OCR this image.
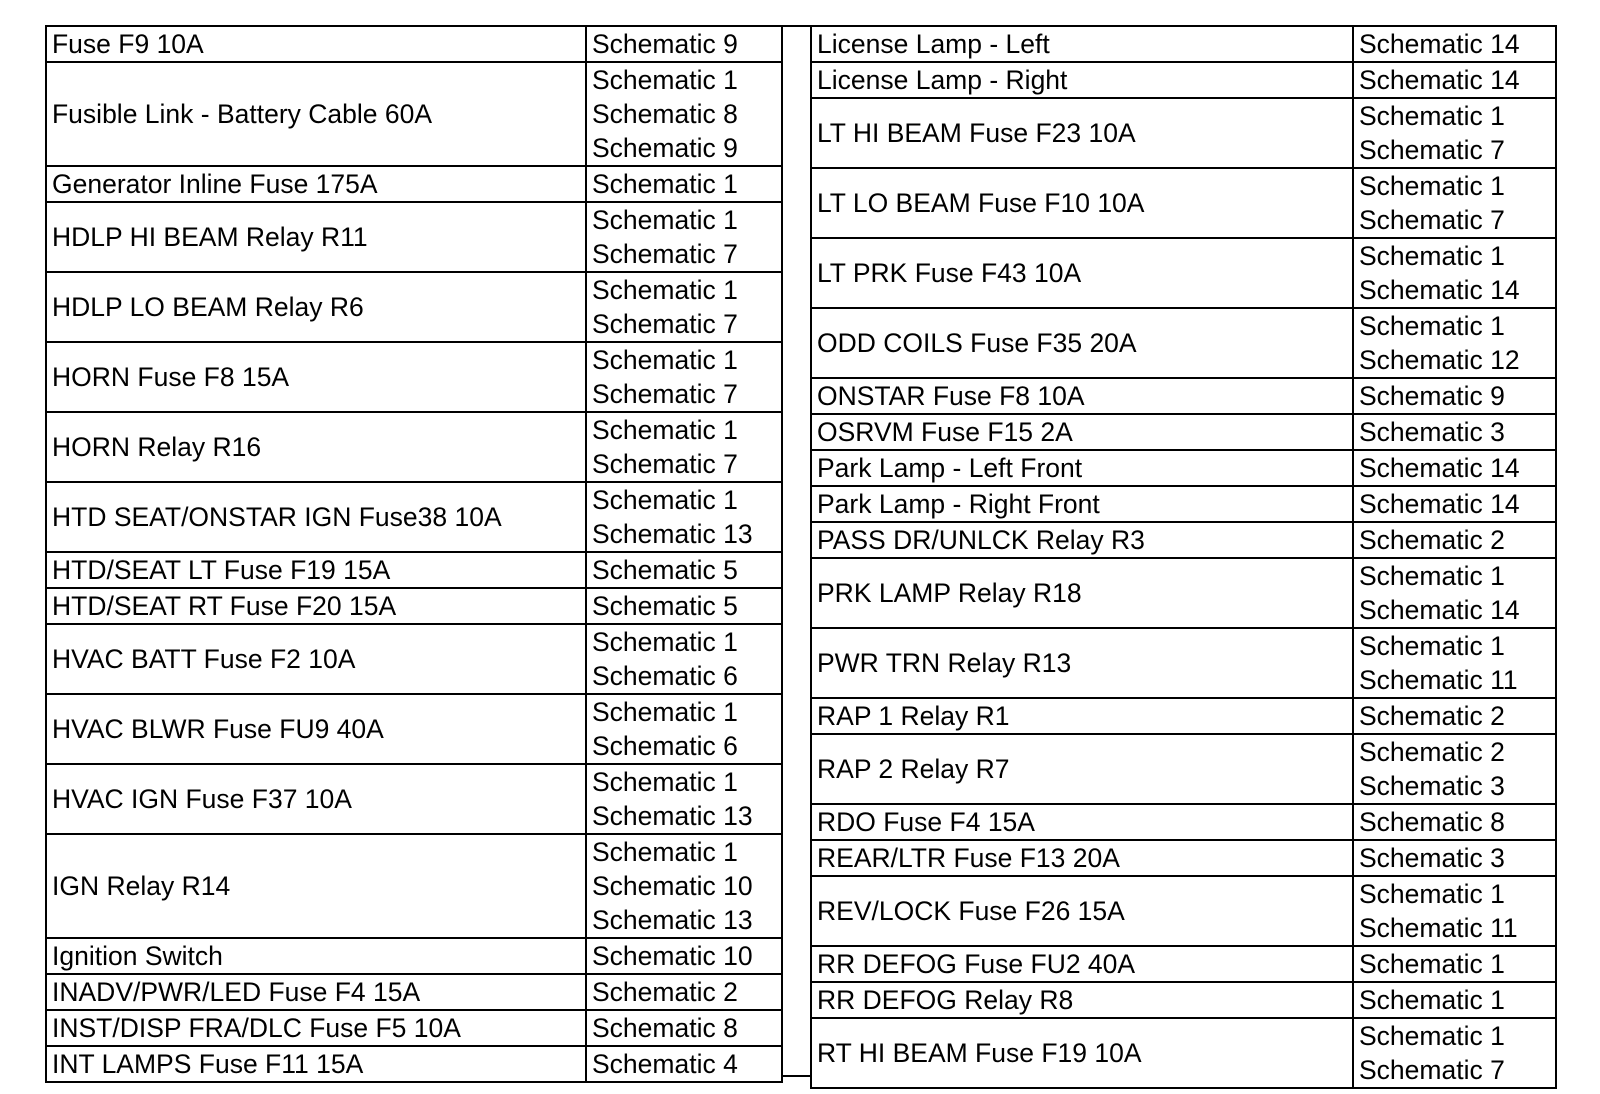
Fuse F9 10A	Schematic 9

Fusible Link - Battery Cable 60A	Schematic 1
Schematic 8
Schematic 9

Generator Inline Fuse 175A	Schematic 1

HDLP HI BEAM Relay R11	Schematic 1
Schematic 7

HDLP LO BEAM Relay R6	Schematic 1
Schematic 7

HORN Fuse F8 15A	Schematic 1
Schematic 7

HORN Relay R16	Schematic 1
Schematic 7

HTD SEAT/ONSTAR IGN Fuse38 10A	Schematic 1
Schematic 13

HTD/SEAT LT Fuse F19 15A	Schematic 5

HTD/SEAT RT Fuse F20 15A	Schematic 5

HVAC BATT Fuse F2 10A	Schematic 1
Schematic 6

HVAC BLWR Fuse FU9 40A	Schematic 1
Schematic 6

HVAC IGN Fuse F37 10A	Schematic 1
Schematic 13

IGN Relay R14	Schematic 1
Schematic 10
Schematic 13

Ignition Switch	Schematic 10

INADV/PWR/LED Fuse F4 15A	Schematic 2

INST/DISP FRA/DLC Fuse F5 10A	Schematic 8

INT LAMPS Fuse F11 15A	Schematic 4
License Lamp - Left	Schematic 14

License Lamp - Right	Schematic 14

LT HI BEAM Fuse F23 10A	Schematic 1
Schematic 7

LT LO BEAM Fuse F10 10A	Schematic 1
Schematic 7

LT PRK Fuse F43 10A	Schematic 1
Schematic 14

ODD COILS Fuse F35 20A	Schematic 1
Schematic 12

ONSTAR Fuse F8 10A	Schematic 9

OSRVM Fuse F15 2A	Schematic 3

Park Lamp - Left Front	Schematic 14

Park Lamp - Right Front	Schematic 14

PASS DR/UNLCK Relay R3	Schematic 2

PRK LAMP Relay R18	Schematic 1
Schematic 14

PWR TRN Relay R13	Schematic 1
Schematic 11

RAP 1 Relay R1	Schematic 2

RAP 2 Relay R7	Schematic 2
Schematic 3

RDO Fuse F4 15A	Schematic 8

REAR/LTR Fuse F13 20A	Schematic 3

REV/LOCK Fuse F26 15A	Schematic 1
Schematic 11

RR DEFOG Fuse FU2 40A	Schematic 1

RR DEFOG Relay R8	Schematic 1

RT HI BEAM Fuse F19 10A	Schematic 1
Schematic 7
